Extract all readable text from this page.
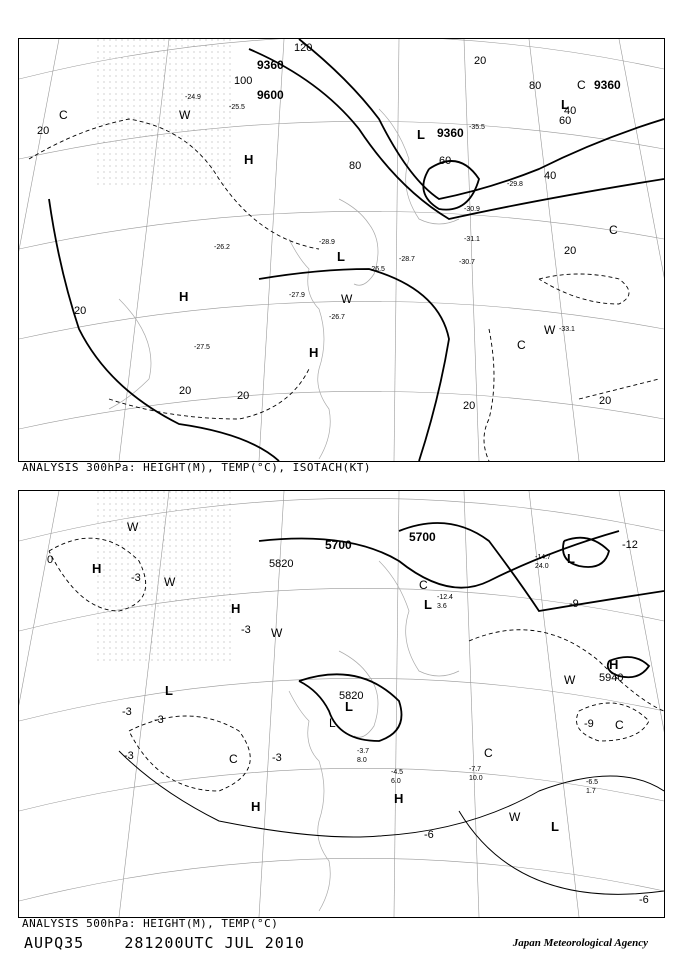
9360
9600
9360
9360
120
100
80	60
40
20
20
20	20
20
20
40
60
80
20
20
H
H
H
L
L
L
C
C
C
C
W
W
W
-24.9
-25.5
-26.2
-27.9
-27.5
-26.7
-30.9
-31.1
-28.7	-30.7
-35.5
-33.1
-29.8
-26.5
-28.9
ANALYSIS 300hPa: HEIGHT(M), TEMP(°C), ISOTACH(KT)
5700
5700
5820
5820
5940
0
-3
-3
-3
-3
-6
-6
-9
-9
-12
-3
-3
H
H
H
H
H
L
L
L
L
L
L
C	C
C
C
W
W
W
W
W
-7.7
10.0
-6.5
1.7
-4.5
6.0
-3.7
8.0
-14.7
24.0
-12.4
3.6
ANALYSIS 500hPa: HEIGHT(M), TEMP(°C)
AUPQ35	281200UTC JUL 2010	Japan Meteorological Agency
